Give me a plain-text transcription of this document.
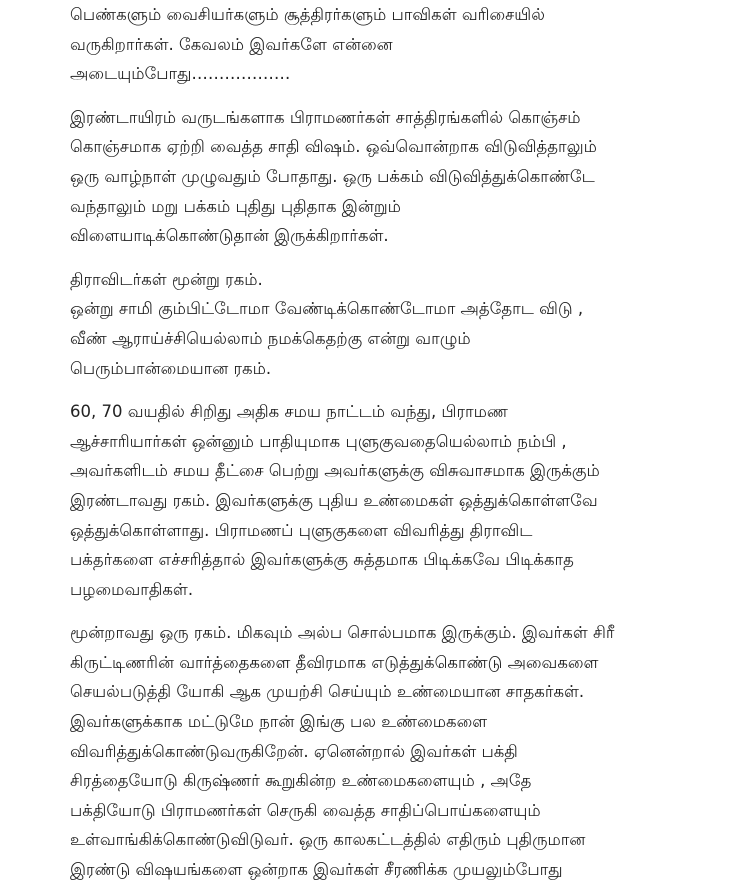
பெண்களும் வைசியர்களும் சூத்திரர்களும் பாவிகள் வரிசையில்
வருகிறார்கள். கேவலம் இவர்களே என்னை
அடையும்போது………………
இரண்டாயிரம் வருடங்களாக பிராமணர்கள் சாத்திரங்களில் கொஞ்சம்
கொஞ்சமாக ஏற்றி வைத்த சாதி விஷம். ஒவ்வொன்றாக விடுவித்தாலும்
ஒரு வாழ்நாள் முழுவதும் போதாது. ஒரு பக்கம் விடுவித்துக்கொண்டே
வந்தாலும் மறு பக்கம் புதிது புதிதாக இன்றும்
விளையாடிக்கொண்டுதான் இருக்கிறார்கள்.
திராவிடர்கள் மூன்று ரகம்.
ஒன்று சாமி கும்பிட்டோமா வேண்டிக்கொண்டோமா அத்தோட விடு ,
வீண் ஆராய்ச்சியெல்லாம் நமக்கெதற்கு என்று வாழும்
பெரும்பான்மையான ரகம்.
60, 70 வயதில் சிறிது அதிக சமய நாட்டம் வந்து, பிராமண
ஆச்சாரியார்கள் ஒன்னும் பாதியுமாக புளுகுவதையெல்லாம் நம்பி ,
அவர்களிடம் சமய தீட்சை பெற்று அவர்களுக்கு விசுவாசமாக இருக்கும்
இரண்டாவது ரகம். இவர்களுக்கு புதிய உண்மைகள் ஒத்துக்கொள்ளவே
ஒத்துக்கொள்ளாது. பிராமணப் புளுகுகளை விவரித்து திராவிட
பக்தர்களை எச்சரித்தால் இவர்களுக்கு சுத்தமாக பிடிக்கவே பிடிக்காத
பழமைவாதிகள்.
மூன்றாவது ஒரு ரகம். மிகவும் அல்ப சொல்பமாக இருக்கும். இவர்கள் சிரீ
கிருட்டிணரின் வார்த்தைகளை தீவிரமாக எடுத்துக்கொண்டு அவைகளை
செயல்படுத்தி யோகி ஆக முயற்சி செய்யும் உண்மையான சாதகர்கள்.
இவர்களுக்காக மட்டுமே நான் இங்கு பல உண்மைகளை
விவரித்துக்கொண்டுவருகிறேன். ஏனென்றால் இவர்கள் பக்தி
சிரத்தையோடு கிருஷ்ணர் கூறுகின்ற உண்மைகளையும் , அதே
பக்தியோடு பிராமணர்கள் செருகி வைத்த சாதிப்பொய்களையும்
உள்வாங்கிக்கொண்டுவிடுவர். ஒரு காலகட்டத்தில் எதிரும் புதிருமான
இரண்டு விஷயங்களை ஒன்றாக இவர்கள் சீரணிக்க முயலும்போது
